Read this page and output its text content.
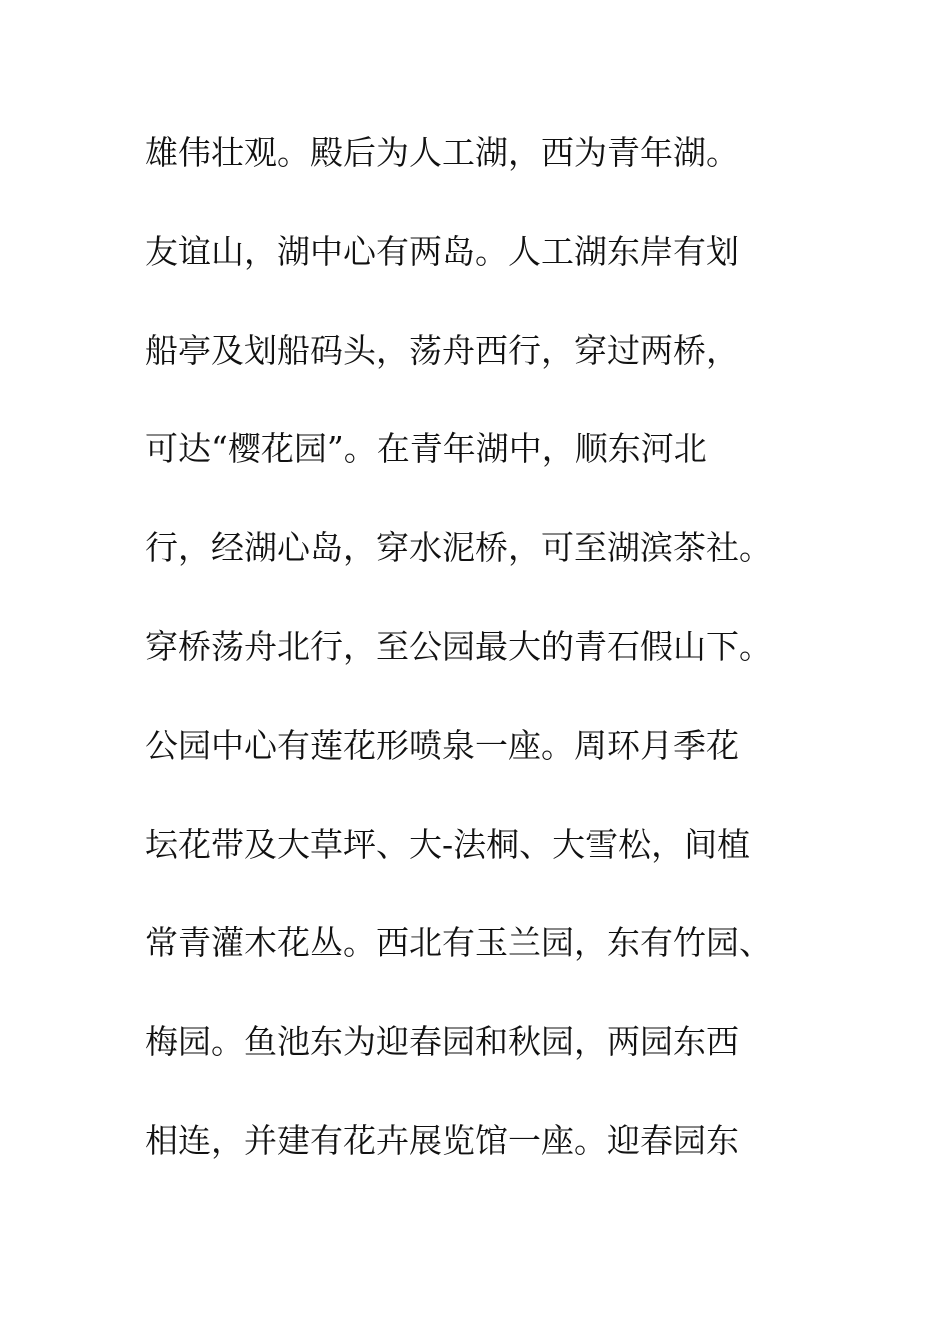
雄伟壮观。殿后为人工湖，西为青年湖。
友谊山，湖中心有两岛。人工湖东岸有划
船亭及划船码头，荡舟西行，穿过两桥，
可达“樱花园”。在青年湖中，顺东河北
行，经湖心岛，穿水泥桥，可至湖滨茶社。
穿桥荡舟北行，至公园最大的青石假山下。
公园中心有莲花形喷泉一座。周环月季花
坛花带及大草坪、大-法桐、大雪松，间植
常青灌木花丛。西北有玉兰园，东有竹园、
梅园。鱼池东为迎春园和秋园，两园东西
相连，并建有花卉展览馆一座。迎春园东
